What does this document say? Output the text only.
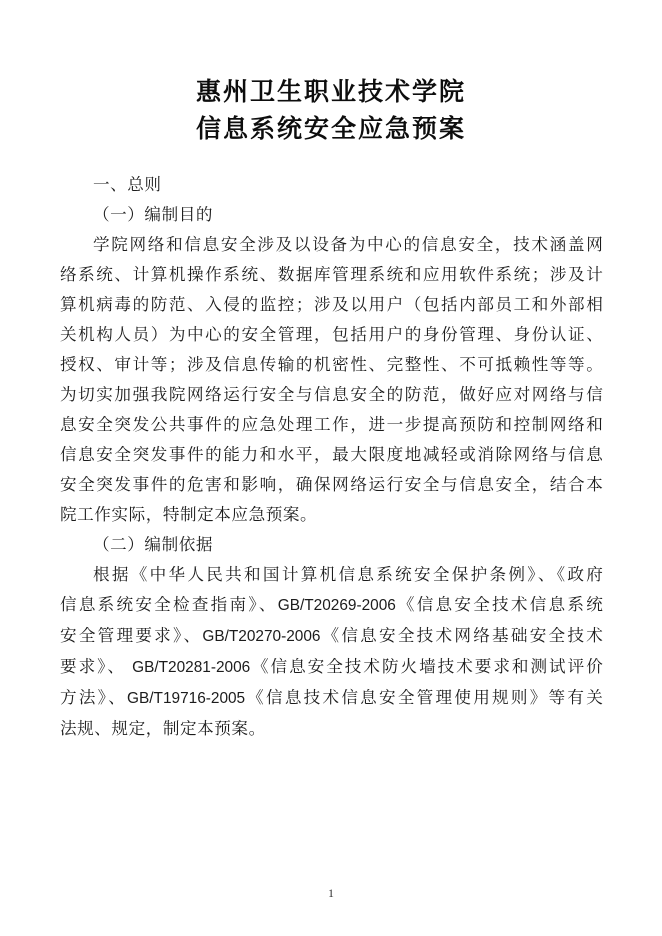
惠州卫生职业技术学院
信息系统安全应急预案
一、总则
（一）编制目的
学院网络和信息安全涉及以设备为中心的信息安全，技术涵盖网
络系统、计算机操作系统、数据库管理系统和应用软件系统；涉及计
算机病毒的防范、入侵的监控；涉及以用户（包括内部员工和外部相
关机构人员）为中心的安全管理，包括用户的身份管理、身份认证、
授权、审计等；涉及信息传输的机密性、完整性、不可抵赖性等等。
为切实加强我院网络运行安全与信息安全的防范，做好应对网络与信
息安全突发公共事件的应急处理工作，进一步提高预防和控制网络和
信息安全突发事件的能力和水平，最大限度地减轻或消除网络与信息
安全突发事件的危害和影响，确保网络运行安全与信息安全，结合本
院工作实际，特制定本应急预案。
（二）编制依据
根据《中华人民共和国计算机信息系统安全保护条例》、《政府
信息系统安全检查指南》、GB/T20269-2006《信息安全技术信息系统
安全管理要求》、GB/T20270-2006《信息安全技术网络基础安全技术
要求》、 GB/T20281-2006《信息安全技术防火墙技术要求和测试评价
方法》、GB/T19716-2005《信息技术信息安全管理使用规则》等有关
法规、规定，制定本预案。
1
